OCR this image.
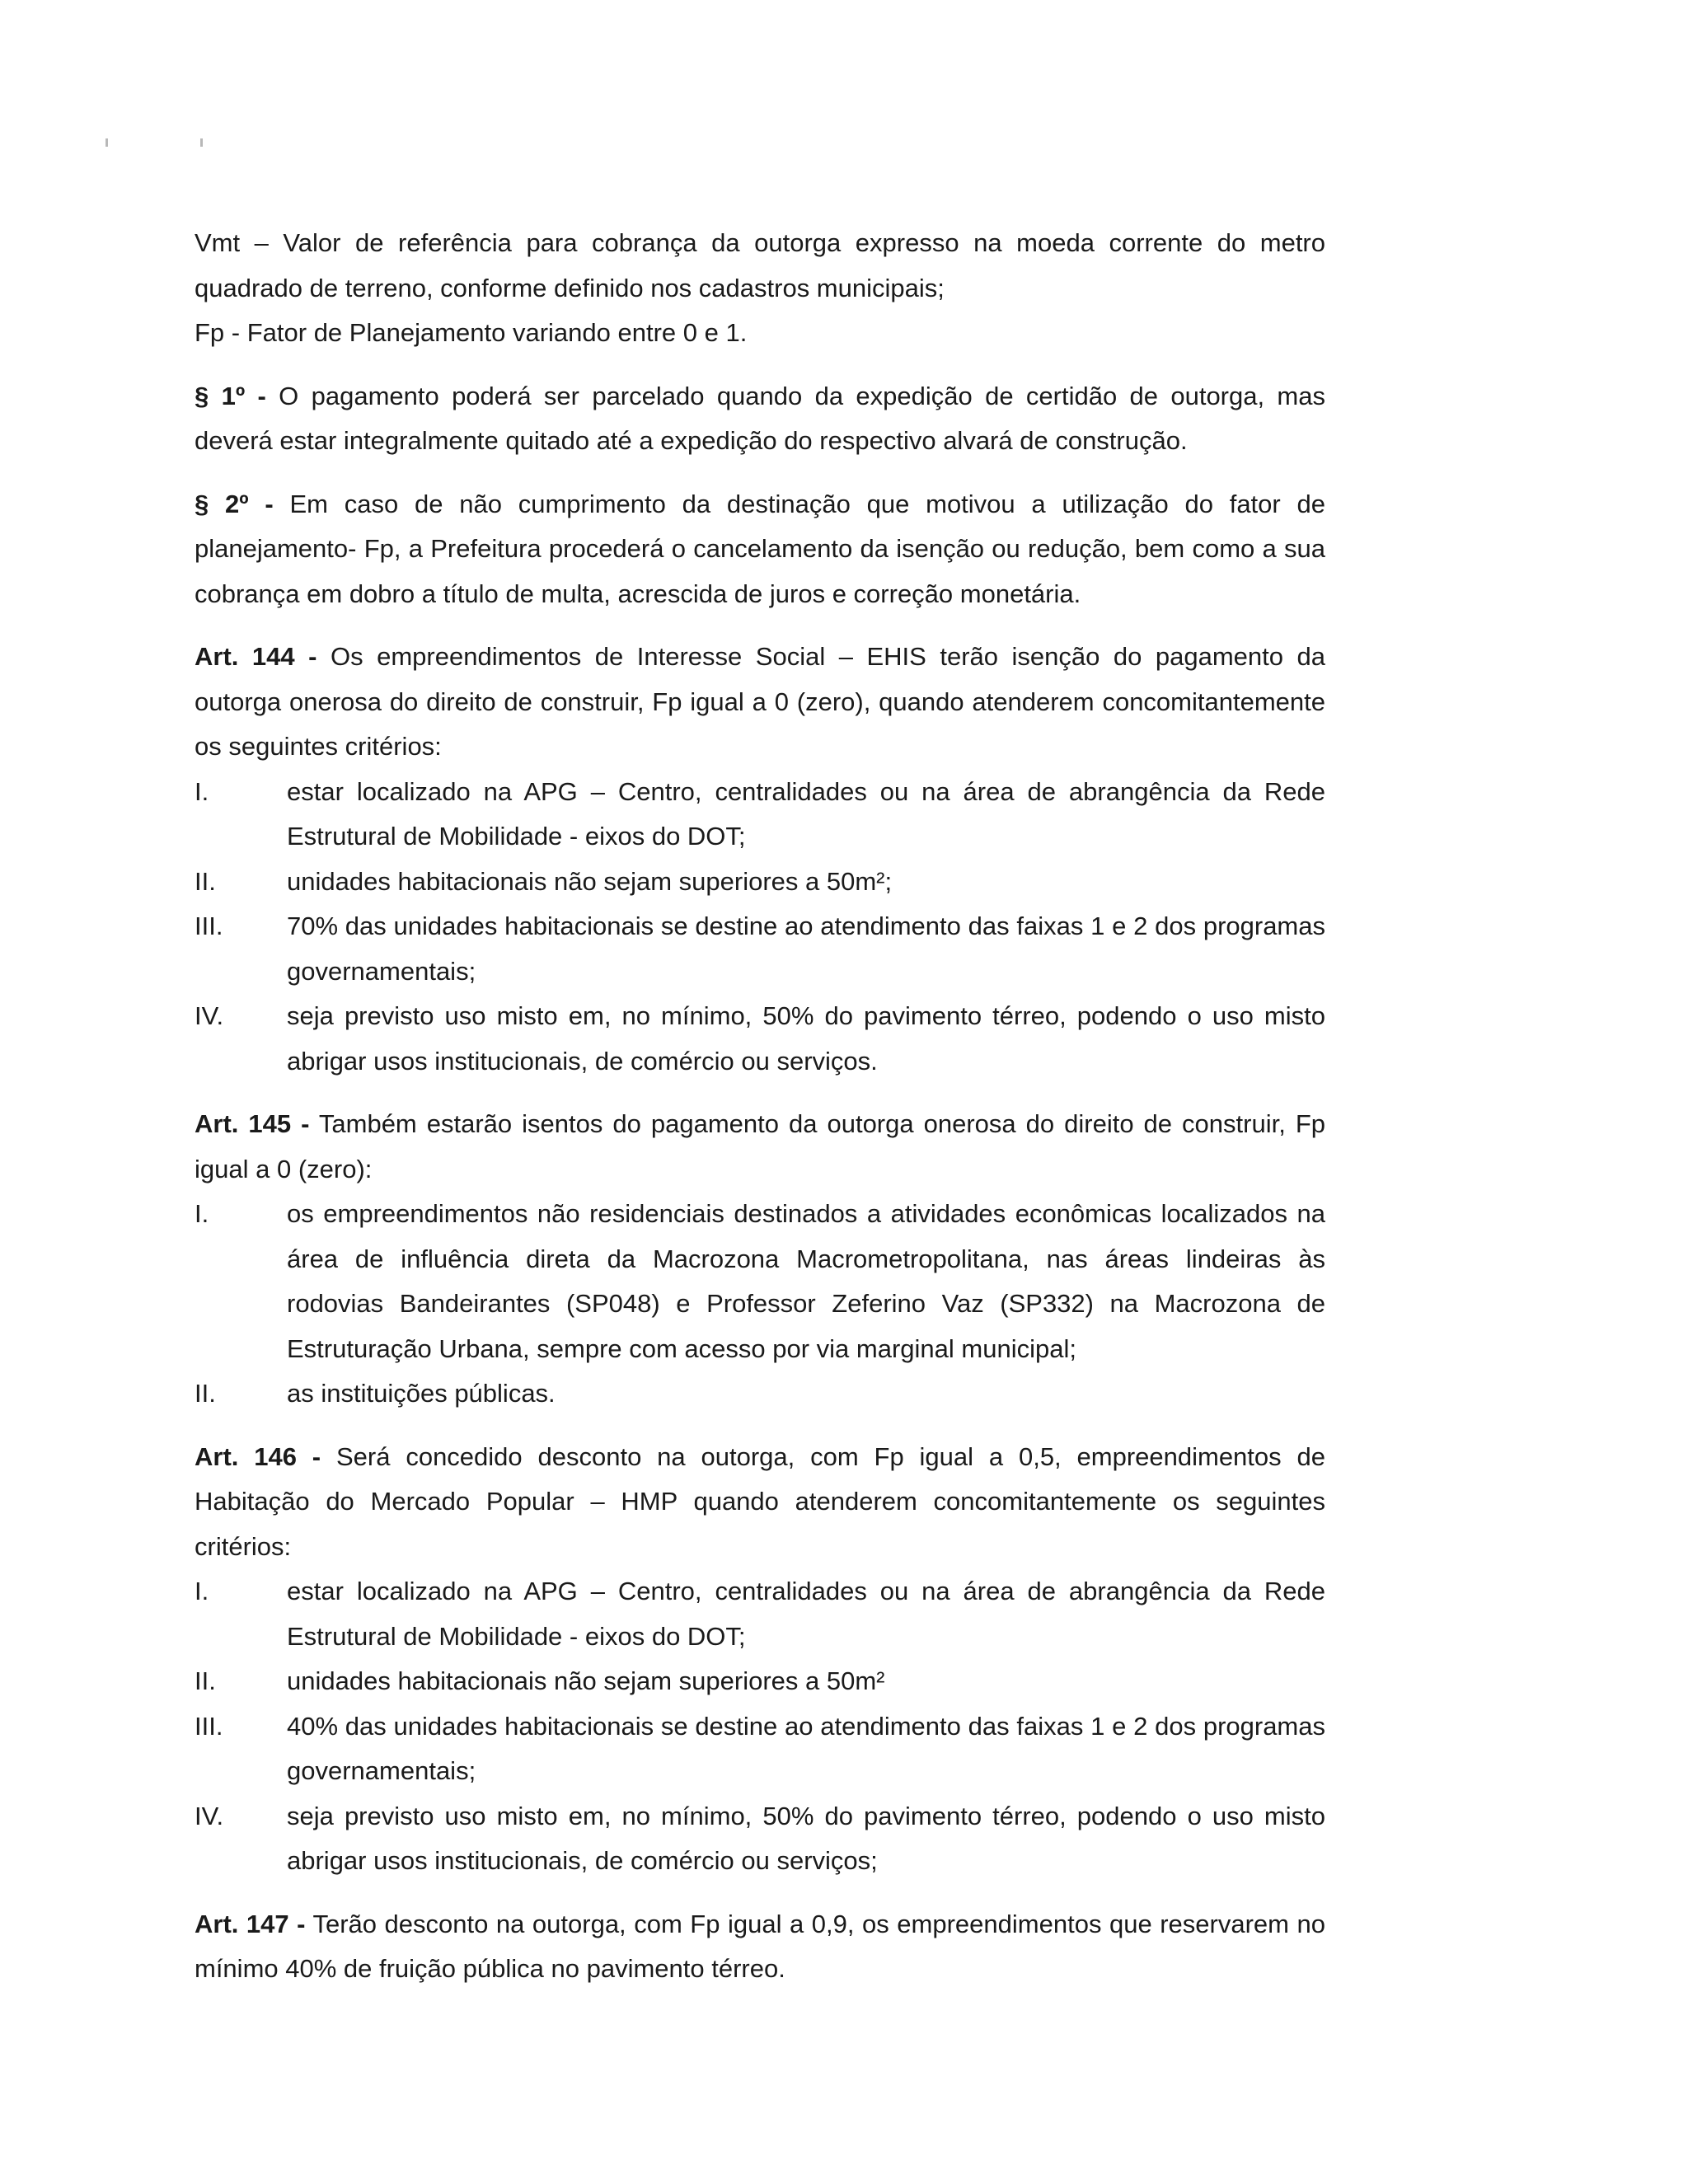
Vmt – Valor de referência para cobrança da outorga expresso na moeda corrente do metro quadrado de terreno, conforme definido nos cadastros municipais;

Fp - Fator de Planejamento variando entre 0 e 1.

§ 1º - O pagamento poderá ser parcelado quando da expedição de certidão de outorga, mas deverá estar integralmente quitado até a expedição do respectivo alvará de construção.

§ 2º - Em caso de não cumprimento da destinação que motivou a utilização do fator de planejamento- Fp, a Prefeitura procederá o cancelamento da isenção ou redução, bem como a sua cobrança em dobro a título de multa, acrescida de juros e correção monetária.

Art. 144 - Os empreendimentos de Interesse Social – EHIS terão isenção do pagamento da outorga onerosa do direito de construir, Fp igual a 0 (zero), quando atenderem concomitantemente os seguintes critérios:

I.	estar localizado na APG – Centro, centralidades ou na área de abrangência da Rede Estrutural de Mobilidade - eixos do DOT;
II.	unidades habitacionais não sejam superiores a 50m²;
III.	70% das unidades habitacionais se destine ao atendimento das faixas 1 e 2 dos programas governamentais;
IV.	seja previsto uso misto em, no mínimo, 50% do pavimento térreo, podendo o uso misto abrigar usos institucionais, de comércio ou serviços.

Art. 145 - Também estarão isentos do pagamento da outorga onerosa do direito de construir, Fp igual a 0 (zero):

I.	os empreendimentos não residenciais destinados a atividades econômicas localizados na área de influência direta da Macrozona Macrometropolitana, nas áreas lindeiras às rodovias Bandeirantes (SP048) e Professor Zeferino Vaz (SP332) na Macrozona de Estruturação Urbana, sempre com acesso por via marginal municipal;
II.	as instituições públicas.

Art. 146 - Será concedido desconto na outorga, com Fp igual a 0,5, empreendimentos de Habitação do Mercado Popular – HMP quando atenderem concomitantemente os seguintes critérios:

I.	estar localizado na APG – Centro, centralidades ou na área de abrangência da Rede Estrutural de Mobilidade - eixos do DOT;
II.	unidades habitacionais não sejam superiores a 50m²
III.	40% das unidades habitacionais se destine ao atendimento das faixas 1 e 2 dos programas governamentais;
IV.	seja previsto uso misto em, no mínimo, 50% do pavimento térreo, podendo o uso misto abrigar usos institucionais, de comércio ou serviços;

Art. 147 - Terão desconto na outorga, com Fp igual a 0,9, os empreendimentos que reservarem no mínimo 40% de fruição pública no pavimento térreo.
